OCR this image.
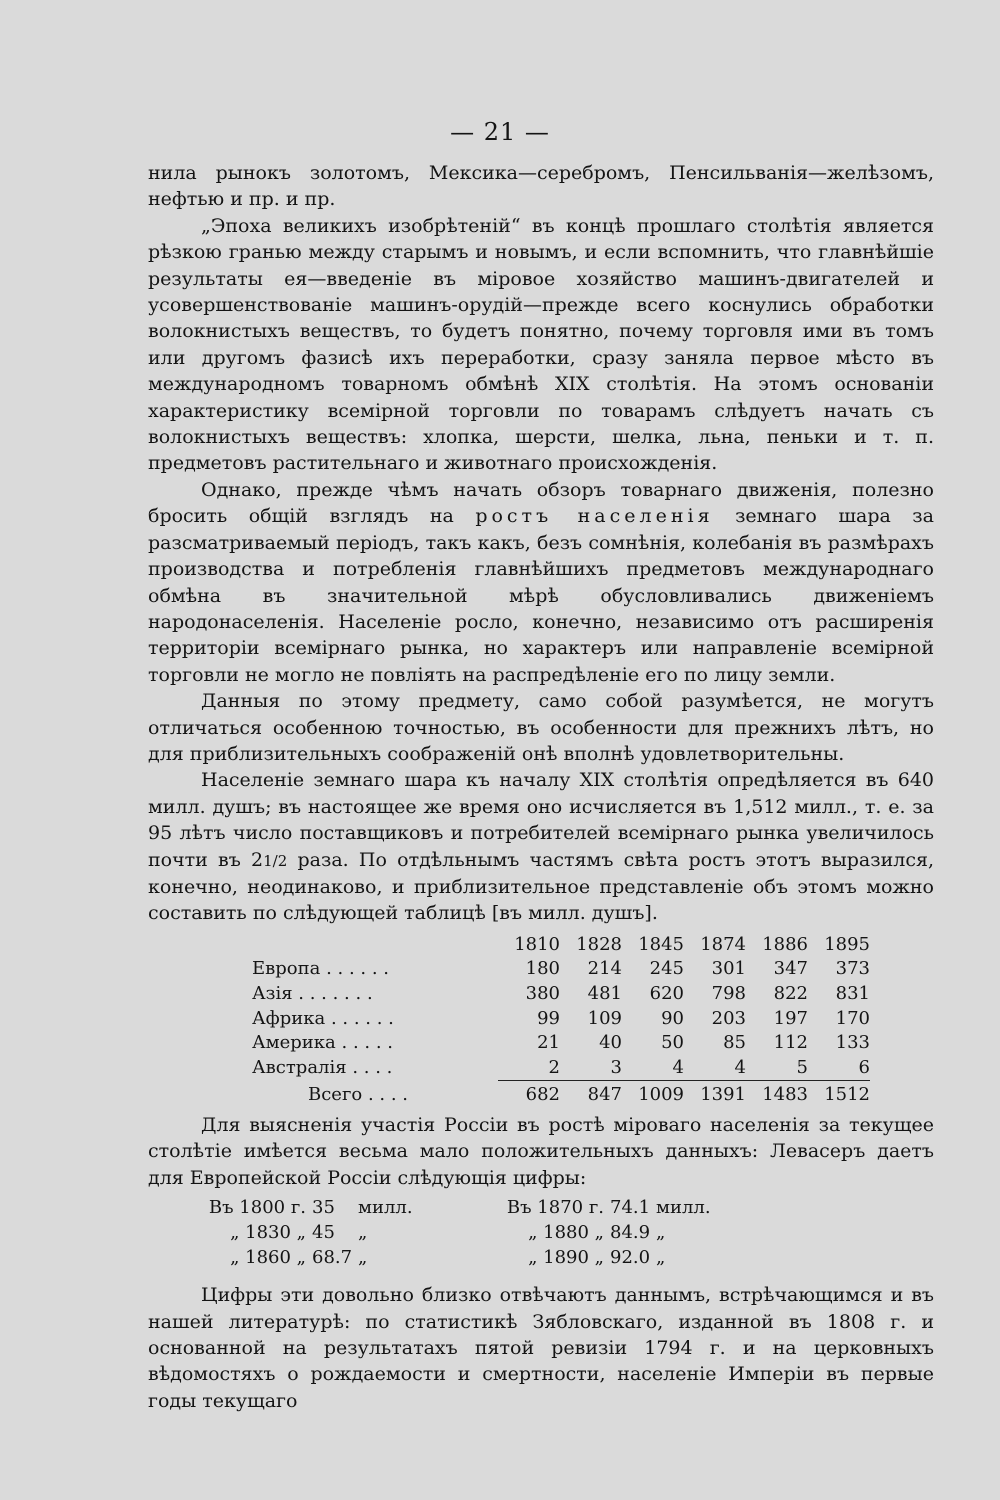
— 21 —

нила рынокъ золотомъ, Мексика—серебромъ, Пенсильванія—желѣзомъ, нефтью и пр. и пр.

„Эпоха великихъ изобрѣтеній“ въ концѣ прошлаго столѣтія является рѣзкою гранью между старымъ и новымъ, и если вспомнить, что главнѣйшіе результаты ея—введеніе въ міровое хозяйство машинъ-двигателей и усовершенствованіе машинъ-орудій—прежде всего коснулись обработки волокнистыхъ веществъ, то будетъ понятно, почему торговля ими въ томъ или другомъ фазисѣ ихъ переработки, сразу заняла первое мѣсто въ международномъ товарномъ обмѣнѣ XIX столѣтія. На этомъ основаніи характеристику всемірной торговли по товарамъ слѣдуетъ начать съ волокнистыхъ веществъ: хлопка, шерсти, шелка, льна, пеньки и т. п. предметовъ растительнаго и животнаго происхожденія.

Однако, прежде чѣмъ начать обзоръ товарнаго движенія, полезно бросить общій взглядъ на ростъ населенія земнаго шара за разсматриваемый періодъ, такъ какъ, безъ сомнѣнія, колебанія въ размѣрахъ производства и потребленія главнѣйшихъ предметовъ международнаго обмѣна въ значительной мѣрѣ обусловливались движеніемъ народонаселенія. Населеніе росло, конечно, независимо отъ расширенія территоріи всемірнаго рынка, но характеръ или направленіе всемірной торговли не могло не повліять на распредѣленіе его по лицу земли.

Данныя по этому предмету, само собой разумѣется, не могутъ отличаться особенною точностью, въ особенности для прежнихъ лѣтъ, но для приблизительныхъ соображеній онѣ вполнѣ удовлетворительны.

Населеніе земнаго шара къ началу XIX столѣтія опредѣляется въ 640 милл. душъ; въ настоящее же время оно исчисляется въ 1,512 милл., т. е. за 95 лѣтъ число поставщиковъ и потребителей всемірнаго рынка увеличилось почти въ 21/2 раза. По отдѣльнымъ частямъ свѣта ростъ этотъ выразился, конечно, неодинаково, и приблизительное представленіе объ этомъ можно составить по слѣдующей таблицѣ [въ милл. душъ].

	1810	1828	1845	1874	1886	1895
Европа . . . . . .	180	214	245	301	347	373
Азія . . . . . . .	380	481	620	798	822	831
Африка . . . . . .	99	109	90	203	197	170
Америка . . . . .	21	40	50	85	112	133
Австралія . . . .	2	3	4	4	5	6
Всего . . . .	682	847	1009	1391	1483	1512

Для выясненія участія Россіи въ ростѣ міроваго населенія за текущее столѣтіе имѣется весьма мало положительныхъ данныхъ: Левасеръ даетъ для Европейской Россіи слѣдующія цифры:

Въ 1800 г. 35	милл.	Въ 1870 г. 74.1 милл.
„ 1830 „ 45	„	„ 1880 „ 84.9 „
„ 1860 „ 68.7 „	„ 1890 „ 92.0 „

Цифры эти довольно близко отвѣчаютъ даннымъ, встрѣчающимся и въ нашей литературѣ: по статистикѣ Зябловскаго, изданной въ 1808 г. и основанной на результатахъ пятой ревизіи 1794 г. и на церковныхъ вѣдомостяхъ о рождаемости и смертности, населеніе Имперіи въ первые годы текущаго
